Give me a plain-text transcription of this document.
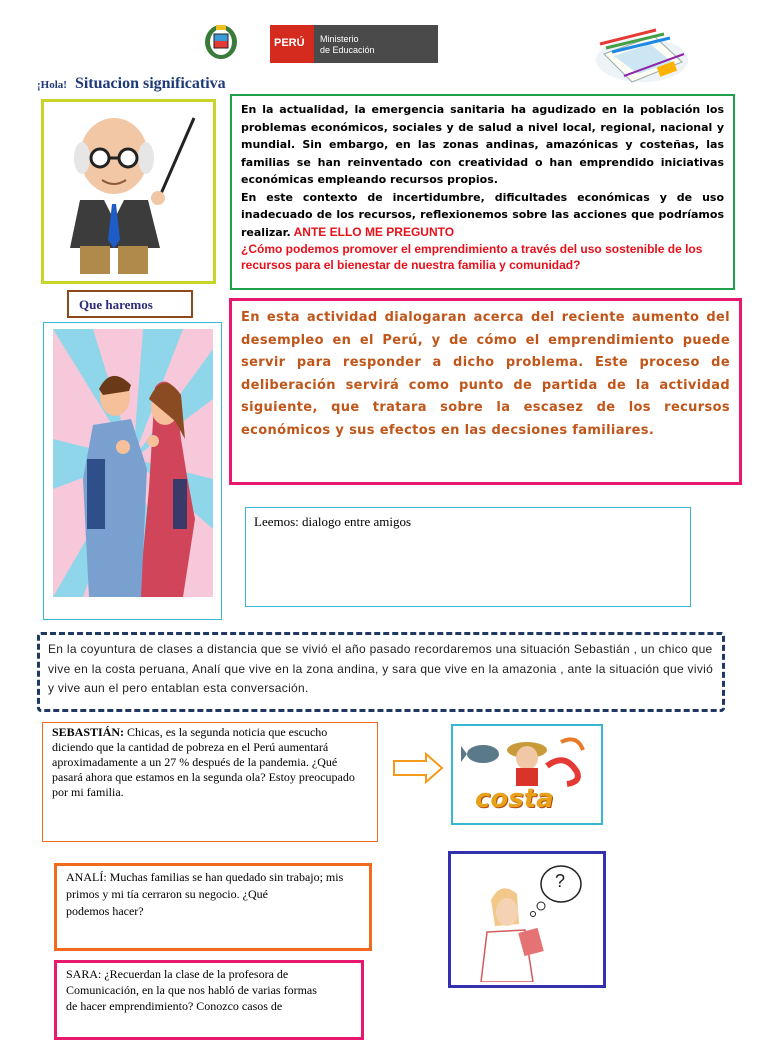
PERÚ Ministerio
de Educación
¡Hola! Situacion significativa
En la actualidad, la emergencia sanitaria ha agudizado en la población los problemas económicos, sociales y de salud a nivel local, regional, nacional y mundial. Sin embargo, en las zonas andinas, amazónicas y costeñas, las familias se han reinventado con creatividad o han emprendido iniciativas económicas empleando recursos propios.
En este contexto de incertidumbre, dificultades económicas y de uso inadecuado de los recursos, reflexionemos sobre las acciones que podríamos realizar. ANTE ELLO ME PREGUNTO

¿Cómo podemos promover el emprendimiento a través del uso sostenible de los recursos para el bienestar de nuestra familia y comunidad?
Que haremos
En esta actividad dialogaran acerca del reciente aumento del desempleo en el Perú, y de cómo el emprendimiento puede servir para responder a dicho problema. Este proceso de deliberación servirá como punto de partida de la actividad siguiente, que tratara sobre la escasez de los recursos económicos y sus efectos en las decsiones familiares.
Leemos: dialogo entre amigos
En la coyuntura de clases a distancia que se vivió el año pasado recordaremos una situación Sebastián , un chico que vive en la costa peruana, Analí que vive en la zona andina, y sara que vive en la amazonia , ante la situación que vivió y vive aun el pero entablan esta conversación.
SEBASTIÁN: Chicas, es la segunda noticia que escucho diciendo que la cantidad de pobreza en el Perú aumentará aproximadamente a un 27 % después de la pandemia. ¿Qué pasará ahora que estamos en la segunda ola? Estoy preocupado por mi familia.	costa
ANALÍ: Muchas familias se han quedado sin trabajo; mis primos y mi tía cerraron su negocio. ¿Qué
podemos hacer?
?
SARA: ¿Recuerdan la clase de la profesora de Comunicación, en la que nos habló de varias formas
de hacer emprendimiento? Conozco casos de
